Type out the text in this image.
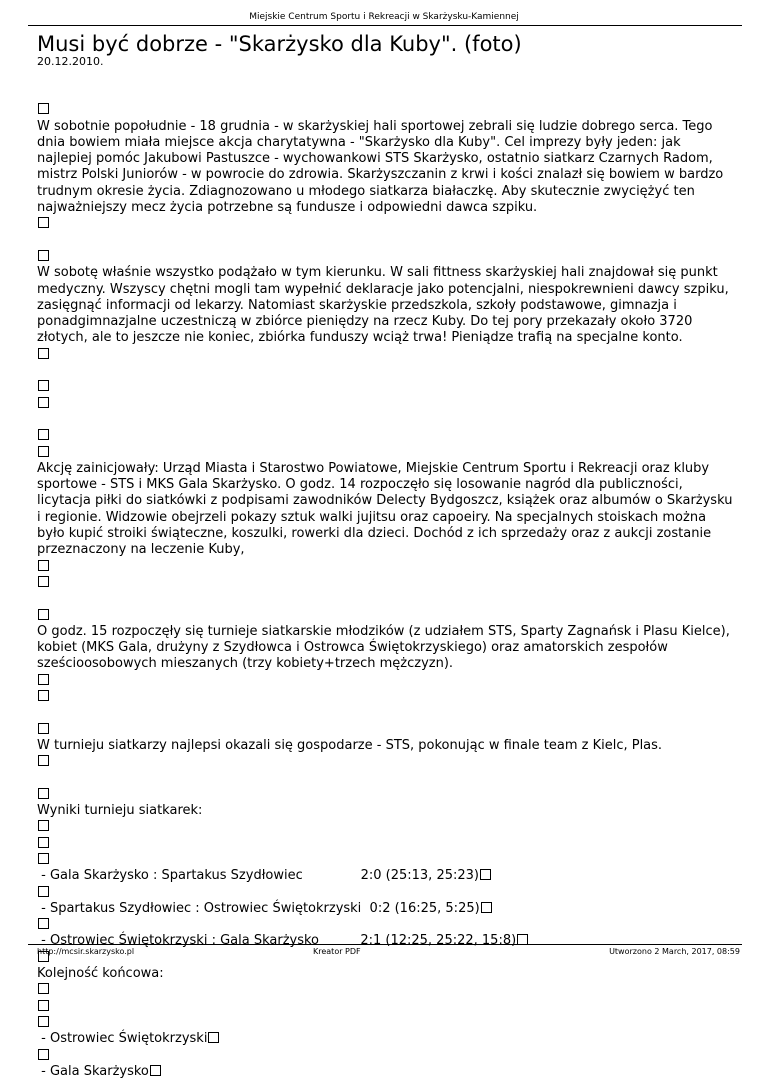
Miejskie Centrum Sportu i Rekreacji w Skarżysku-Kamiennej
Musi być dobrze - "Skarżysko dla Kuby". (foto)
20.12.2010.
W sobotnie popołudnie - 18 grudnia - w skarżyskiej hali sportowej zebrali się ludzie dobrego serca. Tego dnia bowiem miała miejsce akcja charytatywna - "Skarżysko dla Kuby". Cel imprezy były jeden: jak najlepiej pomóc Jakubowi Pastuszce - wychowankowi STS Skarżysko, ostatnio siatkarz Czarnych Radom, mistrz Polski Juniorów - w powrocie do zdrowia. Skarżyszczanin z krwi i kości znalazł się bowiem w bardzo trudnym okresie życia. Zdiagnozowano u młodego siatkarza białaczkę. Aby skutecznie zwyciężyć ten najważniejszy mecz życia potrzebne są fundusze i odpowiedni dawca szpiku.
W sobotę właśnie wszystko podążało w tym kierunku. W sali fittness skarżyskiej hali znajdował się punkt medyczny. Wszyscy chętni mogli tam wypełnić deklaracje jako potencjalni, niespokrewnieni dawcy szpiku, zasięgnąć informacji od lekarzy. Natomiast skarżyskie przedszkola, szkoły podstawowe, gimnazja i ponadgimnazjalne uczestniczą w zbiórce pieniędzy na rzecz Kuby. Do tej pory przekazały około 3720 złotych, ale to jeszcze nie koniec, zbiórka funduszy wciąż trwa! Pieniądze trafią na specjalne konto.
Akcję zainicjowały: Urząd Miasta i Starostwo Powiatowe, Miejskie Centrum Sportu i Rekreacji oraz kluby sportowe - STS i MKS Gala Skarżysko. O godz. 14 rozpoczęło się losowanie nagród dla publiczności, licytacja piłki do siatkówki z podpisami zawodników Delecty Bydgoszcz, książek oraz albumów o Skarżysku i regionie. Widzowie obejrzeli pokazy sztuk walki jujitsu oraz capoeiry. Na specjalnych stoiskach można było kupić stroiki świąteczne, koszulki, rowerki dla dzieci. Dochód z ich sprzedaży oraz z aukcji zostanie przeznaczony na leczenie Kuby,
O godz. 15 rozpoczęły się turnieje siatkarskie młodzików (z udziałem STS, Sparty Zagnańsk i Plasu Kielce), kobiet (MKS Gala, drużyny z Szydłowca i Ostrowca Świętokrzyskiego) oraz amatorskich zespołów sześcioosobowych mieszanych (trzy kobiety+trzech mężczyzn).
W turnieju siatkarzy najlepsi okazali się gospodarze - STS, pokonując w finale team z Kielc, Plas.
Wyniki turnieju siatkarek:
- Gala Skarżysko : Spartakus Szydłowiec              2:0 (25:13, 25:23)
- Spartakus Szydłowiec : Ostrowiec Świętokrzyski  0:2 (16:25, 5:25)
- Ostrowiec Świętokrzyski : Gala Skarżysko          2:1 (12:25, 25:22, 15:8)
Kolejność końcowa:
- Ostrowiec Świętokrzyski
- Gala Skarżysko
http://mcsir.skarzysko.pl	Kreator PDF	Utworzono 2 March, 2017, 08:59
